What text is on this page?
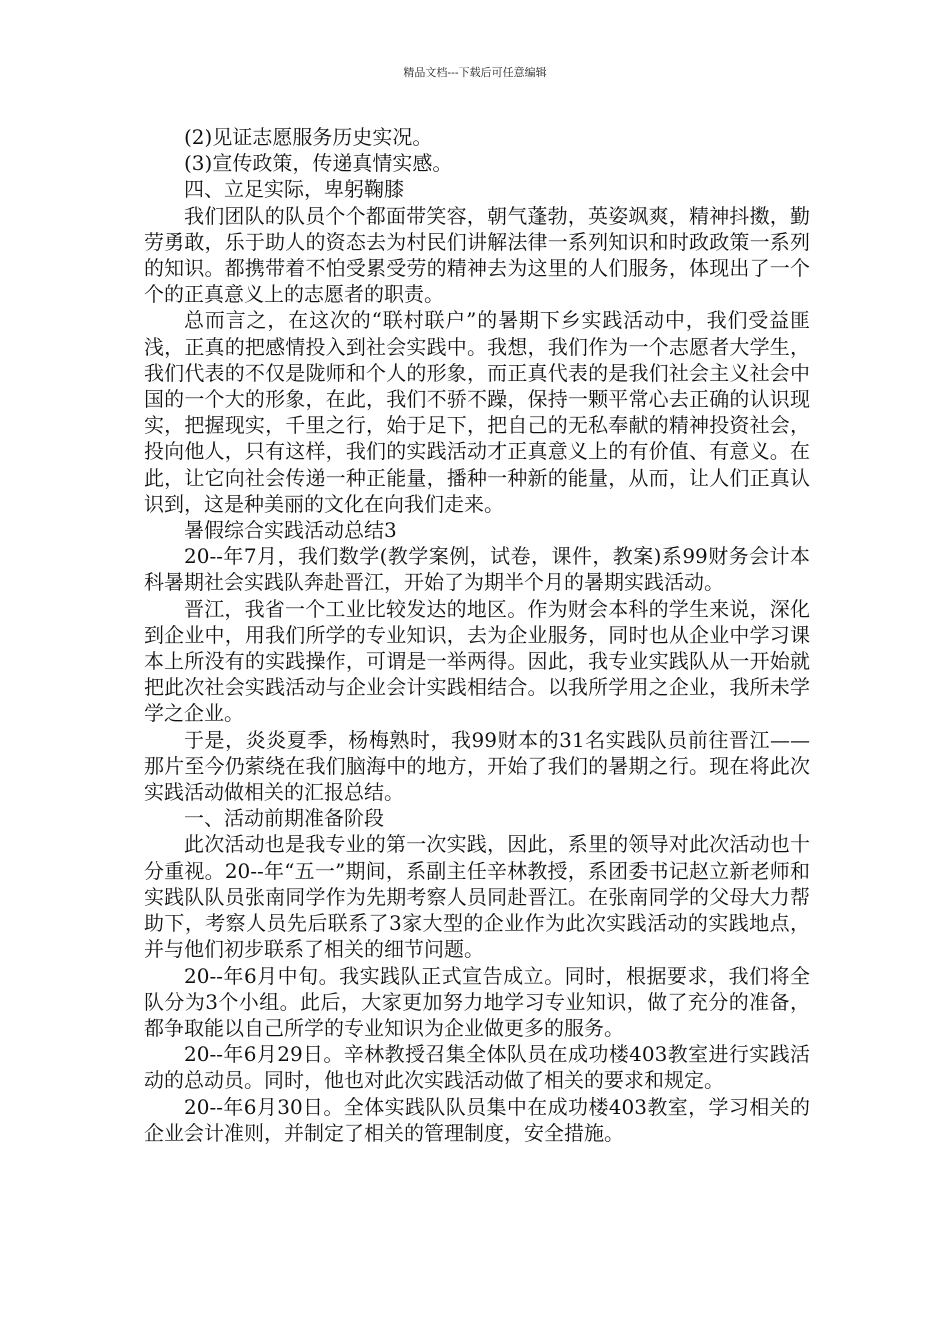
精品文档---下载后可任意编辑

(2)见证志愿服务历史实况。

(3)宣传政策，传递真情实感。

四、立足实际，卑躬鞠膝

我们团队的队员个个都面带笑容，朝气蓬勃，英姿飒爽，精神抖擞，勤劳勇敢，乐于助人的资态去为村民们讲解法律一系列知识和时政政策一系列的知识。都携带着不怕受累受劳的精神去为这里的人们服务，体现出了一个个的正真意义上的志愿者的职责。

总而言之，在这次的“联村联户”的暑期下乡实践活动中，我们受益匪浅，正真的把感情投入到社会实践中。我想，我们作为一个志愿者大学生，我们代表的不仅是陇师和个人的形象，而正真代表的是我们社会主义社会中国的一个大的形象，在此，我们不骄不躁，保持一颗平常心去正确的认识现实，把握现实，千里之行，始于足下，把自己的无私奉献的精神投资社会，投向他人，只有这样，我们的实践活动才正真意义上的有价值、有意义。在此，让它向社会传递一种正能量，播种一种新的能量，从而，让人们正真认识到，这是种美丽的文化在向我们走来。

暑假综合实践活动总结3

20--年7月，我们数学(教学案例，试卷，课件，教案)系99财务会计本科暑期社会实践队奔赴晋江，开始了为期半个月的暑期实践活动。

晋江，我省一个工业比较发达的地区。作为财会本科的学生来说，深化到企业中，用我们所学的专业知识，去为企业服务，同时也从企业中学习课本上所没有的实践操作，可谓是一举两得。因此，我专业实践队从一开始就把此次社会实践活动与企业会计实践相结合。以我所学用之企业，我所未学学之企业。

于是，炎炎夏季，杨梅熟时，我99财本的31名实践队员前往晋江——那片至今仍萦绕在我们脑海中的地方，开始了我们的暑期之行。现在将此次实践活动做相关的汇报总结。

一、活动前期准备阶段

此次活动也是我专业的第一次实践，因此，系里的领导对此次活动也十分重视。20--年“五一”期间，系副主任辛林教授，系团委书记赵立新老师和实践队队员张南同学作为先期考察人员同赴晋江。在张南同学的父母大力帮助下，考察人员先后联系了3家大型的企业作为此次实践活动的实践地点，并与他们初步联系了相关的细节问题。

20--年6月中旬。我实践队正式宣告成立。同时，根据要求，我们将全队分为3个小组。此后，大家更加努力地学习专业知识，做了充分的准备，都争取能以自己所学的专业知识为企业做更多的服务。

20--年6月29日。辛林教授召集全体队员在成功楼403教室进行实践活动的总动员。同时，他也对此次实践活动做了相关的要求和规定。

20--年6月30日。全体实践队队员集中在成功楼403教室，学习相关的企业会计准则，并制定了相关的管理制度，安全措施。
